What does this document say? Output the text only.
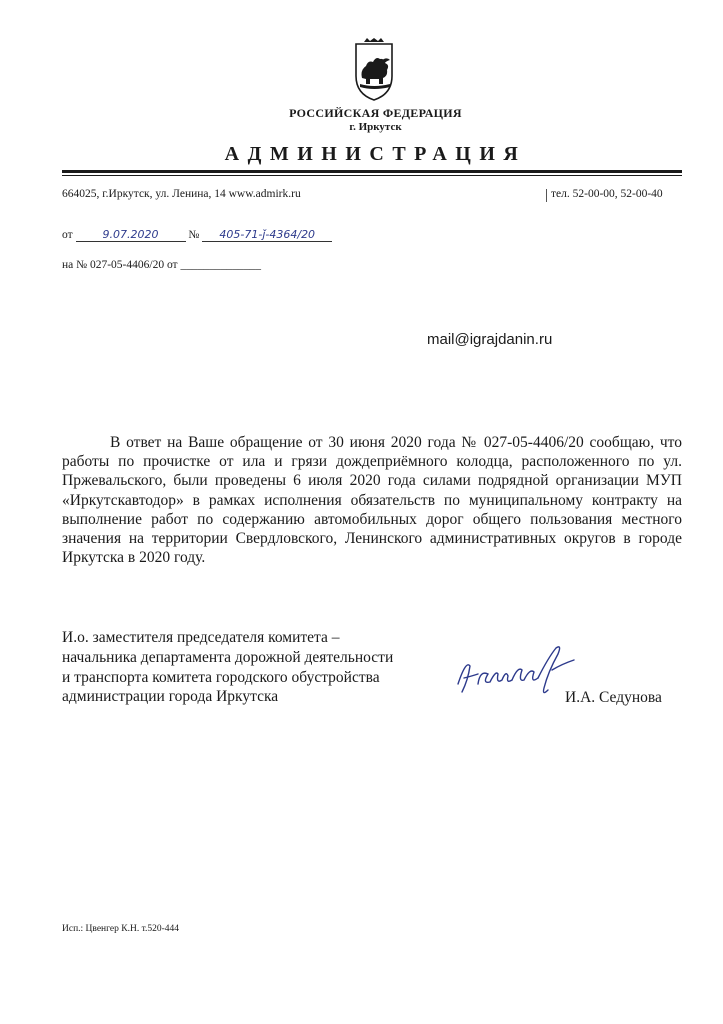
РОССИЙСКАЯ ФЕДЕРАЦИЯ
г. Иркутск
АДМИНИСТРАЦИЯ
664025, г.Иркутск, ул. Ленина, 14 www.admirk.ru	тел. 52-00-00, 52-00-40
от	9.07.2020	№ 405-71-ǰ-4364/20
на № 027-05-4406/20 от ______________
mail@igrajdanin.ru
В ответ на Ваше обращение от 30 июня 2020 года № 027-05-4406/20 сообщаю, что работы по прочистке от ила и грязи дождеприёмного колодца, расположенного по ул. Пржевальского, были проведены 6 июля 2020 года силами подрядной организации МУП «Иркутскавтодор» в рамках исполнения обязательств по муниципальному контракту на выполнение работ по содержанию автомобильных дорог общего пользования местного значения на территории Свердловского, Ленинского административных округов в городе Иркутска в 2020 году.
И.о. заместителя председателя комитета –
начальника департамента дорожной деятельности
и транспорта комитета городского обустройства
администрации города Иркутска	И.А. Седунова
Исп.: Цвенгер К.Н. т.520-444
